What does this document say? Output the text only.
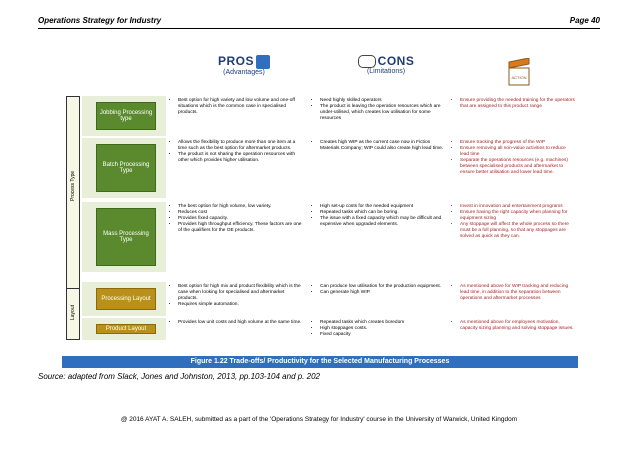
Operations Strategy for Industry	Page 40
PROS
(Advantages)
CONS
(Limitations)
ACTION
Process Type
Layout
Jobbing Processing type
• Best option for high variety and low volume and one-off situations which is the common case in specialised products.
• Need highly skilled operators
• The product is leaving the operation resources which are under-utilised, which creates low utilisation for some resources
• Ensure providing the needed training for the operators that are assigned to this product range
Batch Processing Type
• Allows the flexibility to produce more than one item at a time such as the best option for aftermarket products.
• The product is not sharing the operation resources with other which provides higher utilisation.
• Creates high WIP as the current case now in Fiction Materials Company; WIP could also create high lead time.
• Ensure tracking the progress of the WIP
• Ensure removing all non-value activities to reduce lead time
• Separate the operations resources (e.g. machines) between specialised products and aftermarket to ensure better utilisation and lower lead time.
Mass Processing Type
• The best option for high volume, low variety.
• Reduces cost
• Provides fixed capacity.
• Provides high throughput efficiency. These factors are one of the qualifiers for the OE products.
• High set-up costs for the needed equipment
• Repeated tasks which can be boring.
• The issue with a fixed capacity which may be difficult and expensive when upgraded elements.
• Invest in innovation and entertainment programs
• Ensure having the right capacity when planning for equipment sizing
• Any stoppage will affect the whole process so there must be a full planning, so that any stoppages are solved as quick as they can.
Processing Layout
• Best option for high mix and product flexibility which is the case when looking for specialised and aftermarket products.
• Requires simple automation.
• Can produce low utilisation for the production equipment.
• Can generate high WIP.
• As mentioned above for WIP tracking and reducing lead time, in addition to the separation between operations and aftermarket processes
Product Layout
• Provides low unit costs and high volume at the same time.
•	Repeated tasks which creates boredom
• High stoppages costs.
• Fixed capacity
• As mentioned above for employees motivation, capacity sizing planning and solving stoppage issues.
Figure 1.22 Trade-offs/ Productivity for the Selected Manufacturing Processes
Source: adapted from Slack, Jones and Johnston, 2013, pp.103-104 and p. 202
@ 2016 AYAT A. SALEH, submitted as a part of the 'Operations Strategy for Industry' course in the University of Warwick, United Kingdom
